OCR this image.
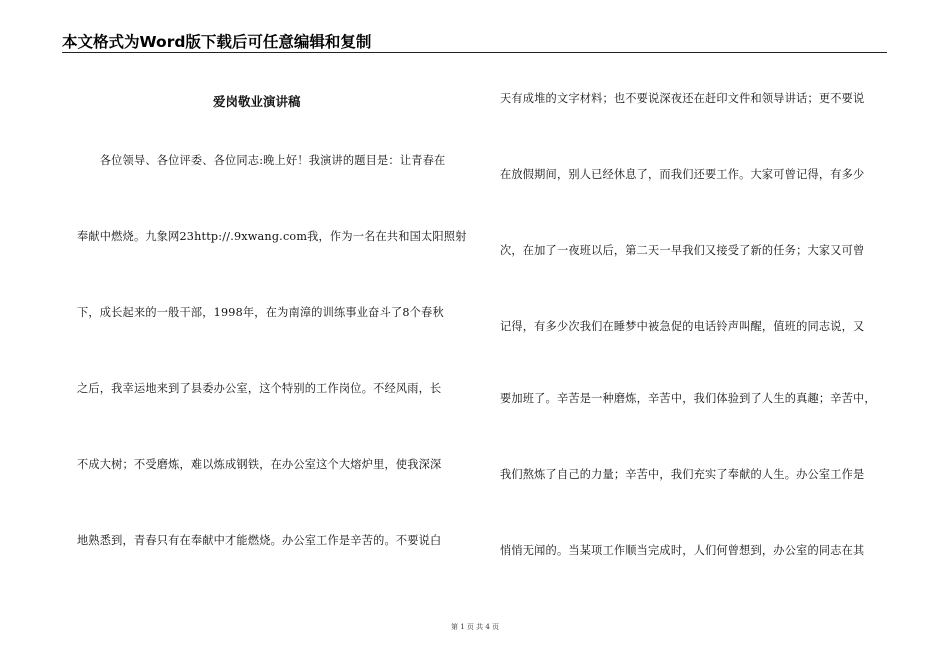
本文格式为Word版下载后可任意编辑和复制
爱岗敬业演讲稿
　　各位领导、各位评委、各位同志:晚上好！我演讲的题目是：让青春在
奉献中燃烧。九象网23http://.9xwang.com我，作为一名在共和国太阳照射
下，成长起来的一般干部，1998年，在为南漳的训练事业奋斗了8个春秋
之后，我幸运地来到了县委办公室，这个特别的工作岗位。不经风雨，长
不成大树；不受磨炼，难以炼成钢铁，在办公室这个大熔炉里，使我深深
地熟悉到，青春只有在奉献中才能燃烧。办公室工作是辛苦的。不要说白
天有成堆的文字材料；也不要说深夜还在赶印文件和领导讲话；更不要说
在放假期间，别人已经休息了，而我们还要工作。大家可曾记得，有多少
次，在加了一夜班以后，第二天一早我们又接受了新的任务；大家又可曾
记得，有多少次我们在睡梦中被急促的电话铃声叫醒，值班的同志说，又
要加班了。辛苦是一种磨炼，辛苦中，我们体验到了人生的真趣；辛苦中，
我们熬炼了自己的力量；辛苦中，我们充实了奉献的人生。办公室工作是
悄悄无闻的。当某项工作顺当完成时，人们何曾想到，办公室的同志在其
第 1 页 共 4 页
